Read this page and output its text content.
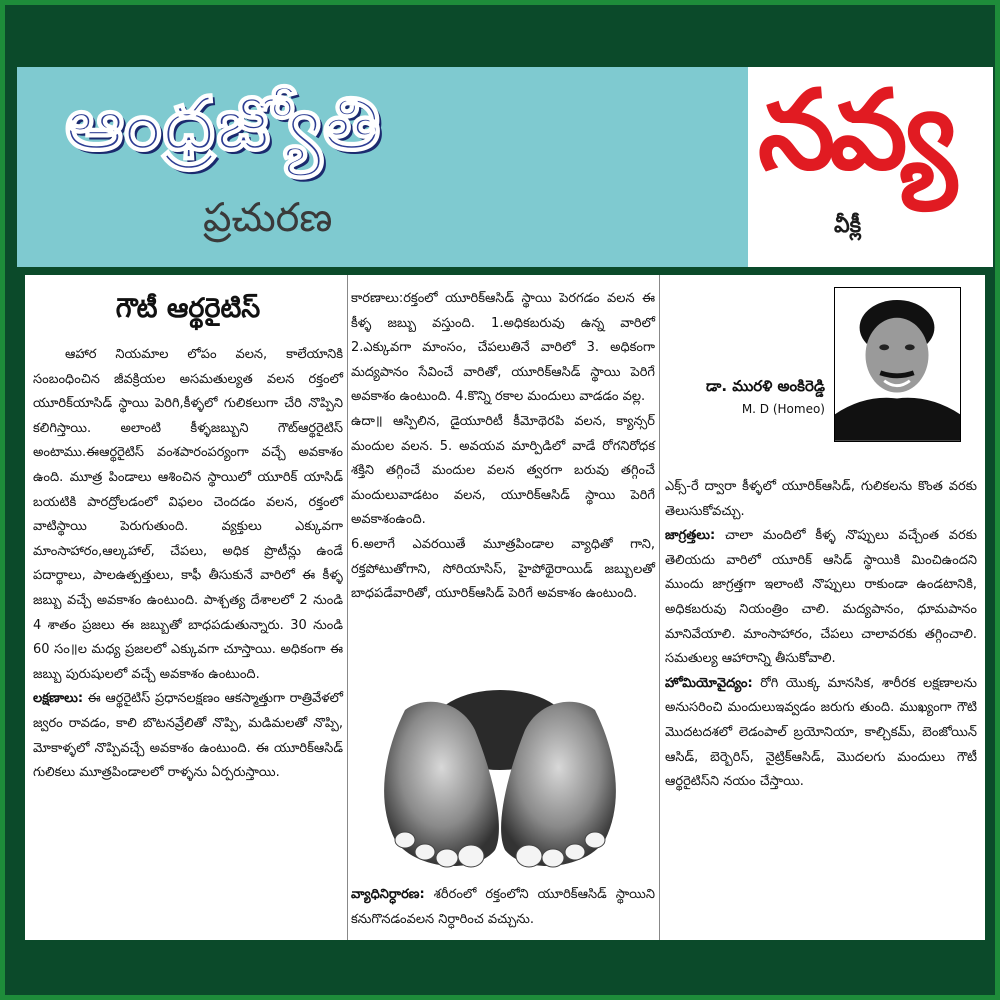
ఆంధ్రజ్యోతి
ప్రచురణ
నవ్య
వీక్లీ
గౌటీ ఆర్థరైటిస్

ఆహార నియమాల లోపం వలన, కాలేయానికి సంబంధించిన జీవక్రియల అసమతుల్యత వలన రక్తంలో యూరిక్‌యాసిడ్ స్థాయి పెరిగి,కీళ్ళలో గులికలుగా చేరి నొప్పిని కలిగిస్తాయి. అలాంటి కీళ్ళజబ్బుని గౌట్‌ఆర్థరైటిస్ అంటాము.ఈఆర్థరైటిస్ వంశపారంపర్యంగా వచ్చే అవకాశం ఉంది. మూత్ర పిండాలు ఆశించిన స్థాయిలో యూరిక్ యాసిడ్ బయటికి పారద్రోలడంలో విఫలం చెందడం వలన, రక్తంలో వాటిస్థాయి పెరుగుతుంది. వ్యక్తులు ఎక్కువగా మాంసాహారం,ఆల్కహాల్, చేపలు, అధిక ప్రొటీన్లు ఉండే పదార్థాలు, పాలఉత్పత్తులు, కాఫీ తీసుకునే వారిలో ఈ కీళ్ళ జబ్బు వచ్చే అవకాశం ఉంటుంది. పాశ్చత్య దేశాలలో 2 నుండి 4 శాతం ప్రజలు ఈ జబ్బుతో బాధపడుతున్నారు. 30 నుండి 60 సం॥ల మధ్య ప్రజలలో ఎక్కువగా చూస్తాయి. అధికంగా ఈ జబ్బు పురుషులలో వచ్చే అవకాశం ఉంటుంది.

లక్షణాలు: ఈ ఆర్థరైటిస్ ప్రధానలక్షణం ఆకస్మాత్తుగా రాత్రివేళలో జ్వరం రావడం, కాలి బొటనవ్రేలితో నొప్పి, మడిమలతో నొప్పి, మోకాళ్ళలో నొప్పివచ్చే అవకాశం ఉంటుంది. ఈ యూరిక్‌ఆసిడ్ గులికలు మూత్రపిండాలలో రాళ్ళను ఏర్పరుస్తాయి.

కారణాలు:రక్తంలో యూరిక్‌ఆసిడ్ స్థాయి పెరగడం వలన ఈ కీళ్ళ జబ్బు వస్తుంది. 1.అధికబరువు ఉన్న వారిలో 2.ఎక్కువగా మాంసం, చేపలుతినే వారిలో 3. అధికంగా మద్యపానం సేవించే వారితో, యూరిక్‌ఆసిడ్ స్థాయి పెరిగే అవకాశం ఉంటుంది. 4.కొన్ని రకాల మందులు వాడడం వల్ల.

ఉదా॥ ఆస్పిలిన, డైయూరిటీ కీమోథెరపి వలన, క్యాన్సర్ మందుల వలన. 5. అవయవ మార్పిడిలో వాడే రోగనిరోధక శక్తిని తగ్గించే మందుల వలన త్వరగా బరువు తగ్గించే మందులువాడటం వలన, యూరిక్‌ఆసిడ్ స్థాయి పెరిగే అవకాశంఉంది.

6.అలాగే ఎవరయితే మూత్రపిండాల వ్యాధితో గాని, రక్తపోటుతోగాని, సోరియాసిస్, హైపోథైరాయిడ్ జబ్బులతో బాధపడేవారితో, యూరిక్‌ఆసిడ్ పెరిగే అవకాశం ఉంటుంది.

వ్యాధినిర్ధారణ: శరీరంలో రక్తంలోని యూరిక్‌ఆసిడ్ స్థాయిని కనుగొనడంవలన నిర్ధారించ వచ్చును.

డా. మురళి అంకిరెడ్డి
M. D (Homeo)

ఎక్స్-రే ద్వారా కీళ్ళలో యూరిక్‌ఆసిడ్, గులికలను కొంత వరకు తెలుసుకోవచ్చు.

జాగ్రత్తలు: చాలా మందిలో కీళ్ళ నొప్పులు వచ్చేంత వరకు తెలియదు వారిలో యూరిక్ ఆసిడ్ స్థాయికి మించిఉందని ముందు జాగ్రత్తగా ఇలాంటి నొప్పులు రాకుండా ఉండటానికి, అధికబరువు నియంత్రిం చాలి. మద్యపానం, ధూమపానం మానివేయాలి. మాంసాహారం, చేపలు చాలావరకు తగ్గించాలి. సమతుల్య ఆహారాన్ని తీసుకోవాలి.

హోమియోవైద్యం: రోగి యొక్క మానసిక, శారీరక లక్షణాలను అనుసరించి మందులుఇవ్వడం జరుగు తుంది. ముఖ్యంగా గౌటి మొదటదశలో లెడంపాల్ బ్రయోనియా, కాల్చికమ్, బెంజోయిన్ ఆసిడ్, బెర్బెరిస్, నైట్రిక్‌ఆసిడ్, మొదలగు మందులు గౌటీ ఆర్థరైటిస్‌ని నయం చేస్తాయి.
